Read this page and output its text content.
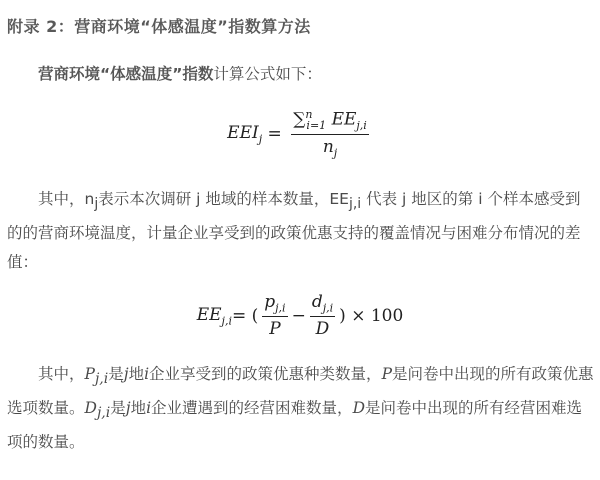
附录 2：营商环境“体感温度”指数算方法
营商环境“体感温度”指数计算公式如下：
$EEI_j = \frac{\sum^n_{i=1} EE_{j,i}}{n_j}$
其中，$n_j$表示本次调研 j 地域的样本数量，$EE_{j,i}$ 代表 j 地区的第 i 个样本感受到的的营商环境温度，计量企业享受到的政策优惠支持的覆盖情况与困难分布情况的差值：
$EE_{j,i}$ = ( $\frac{p_{j,i}}{P} - \frac{d_{j,i}}{D}$ ) × 100
其中，$P_{j,i}$是j地i企业享受到的政策优惠种类数量，P是问卷中出现的所有政策优惠选项数量。$D_{j,i}$是j地i企业遭遇到的经营困难数量，D是问卷中出现的所有经营困难选项的数量。
